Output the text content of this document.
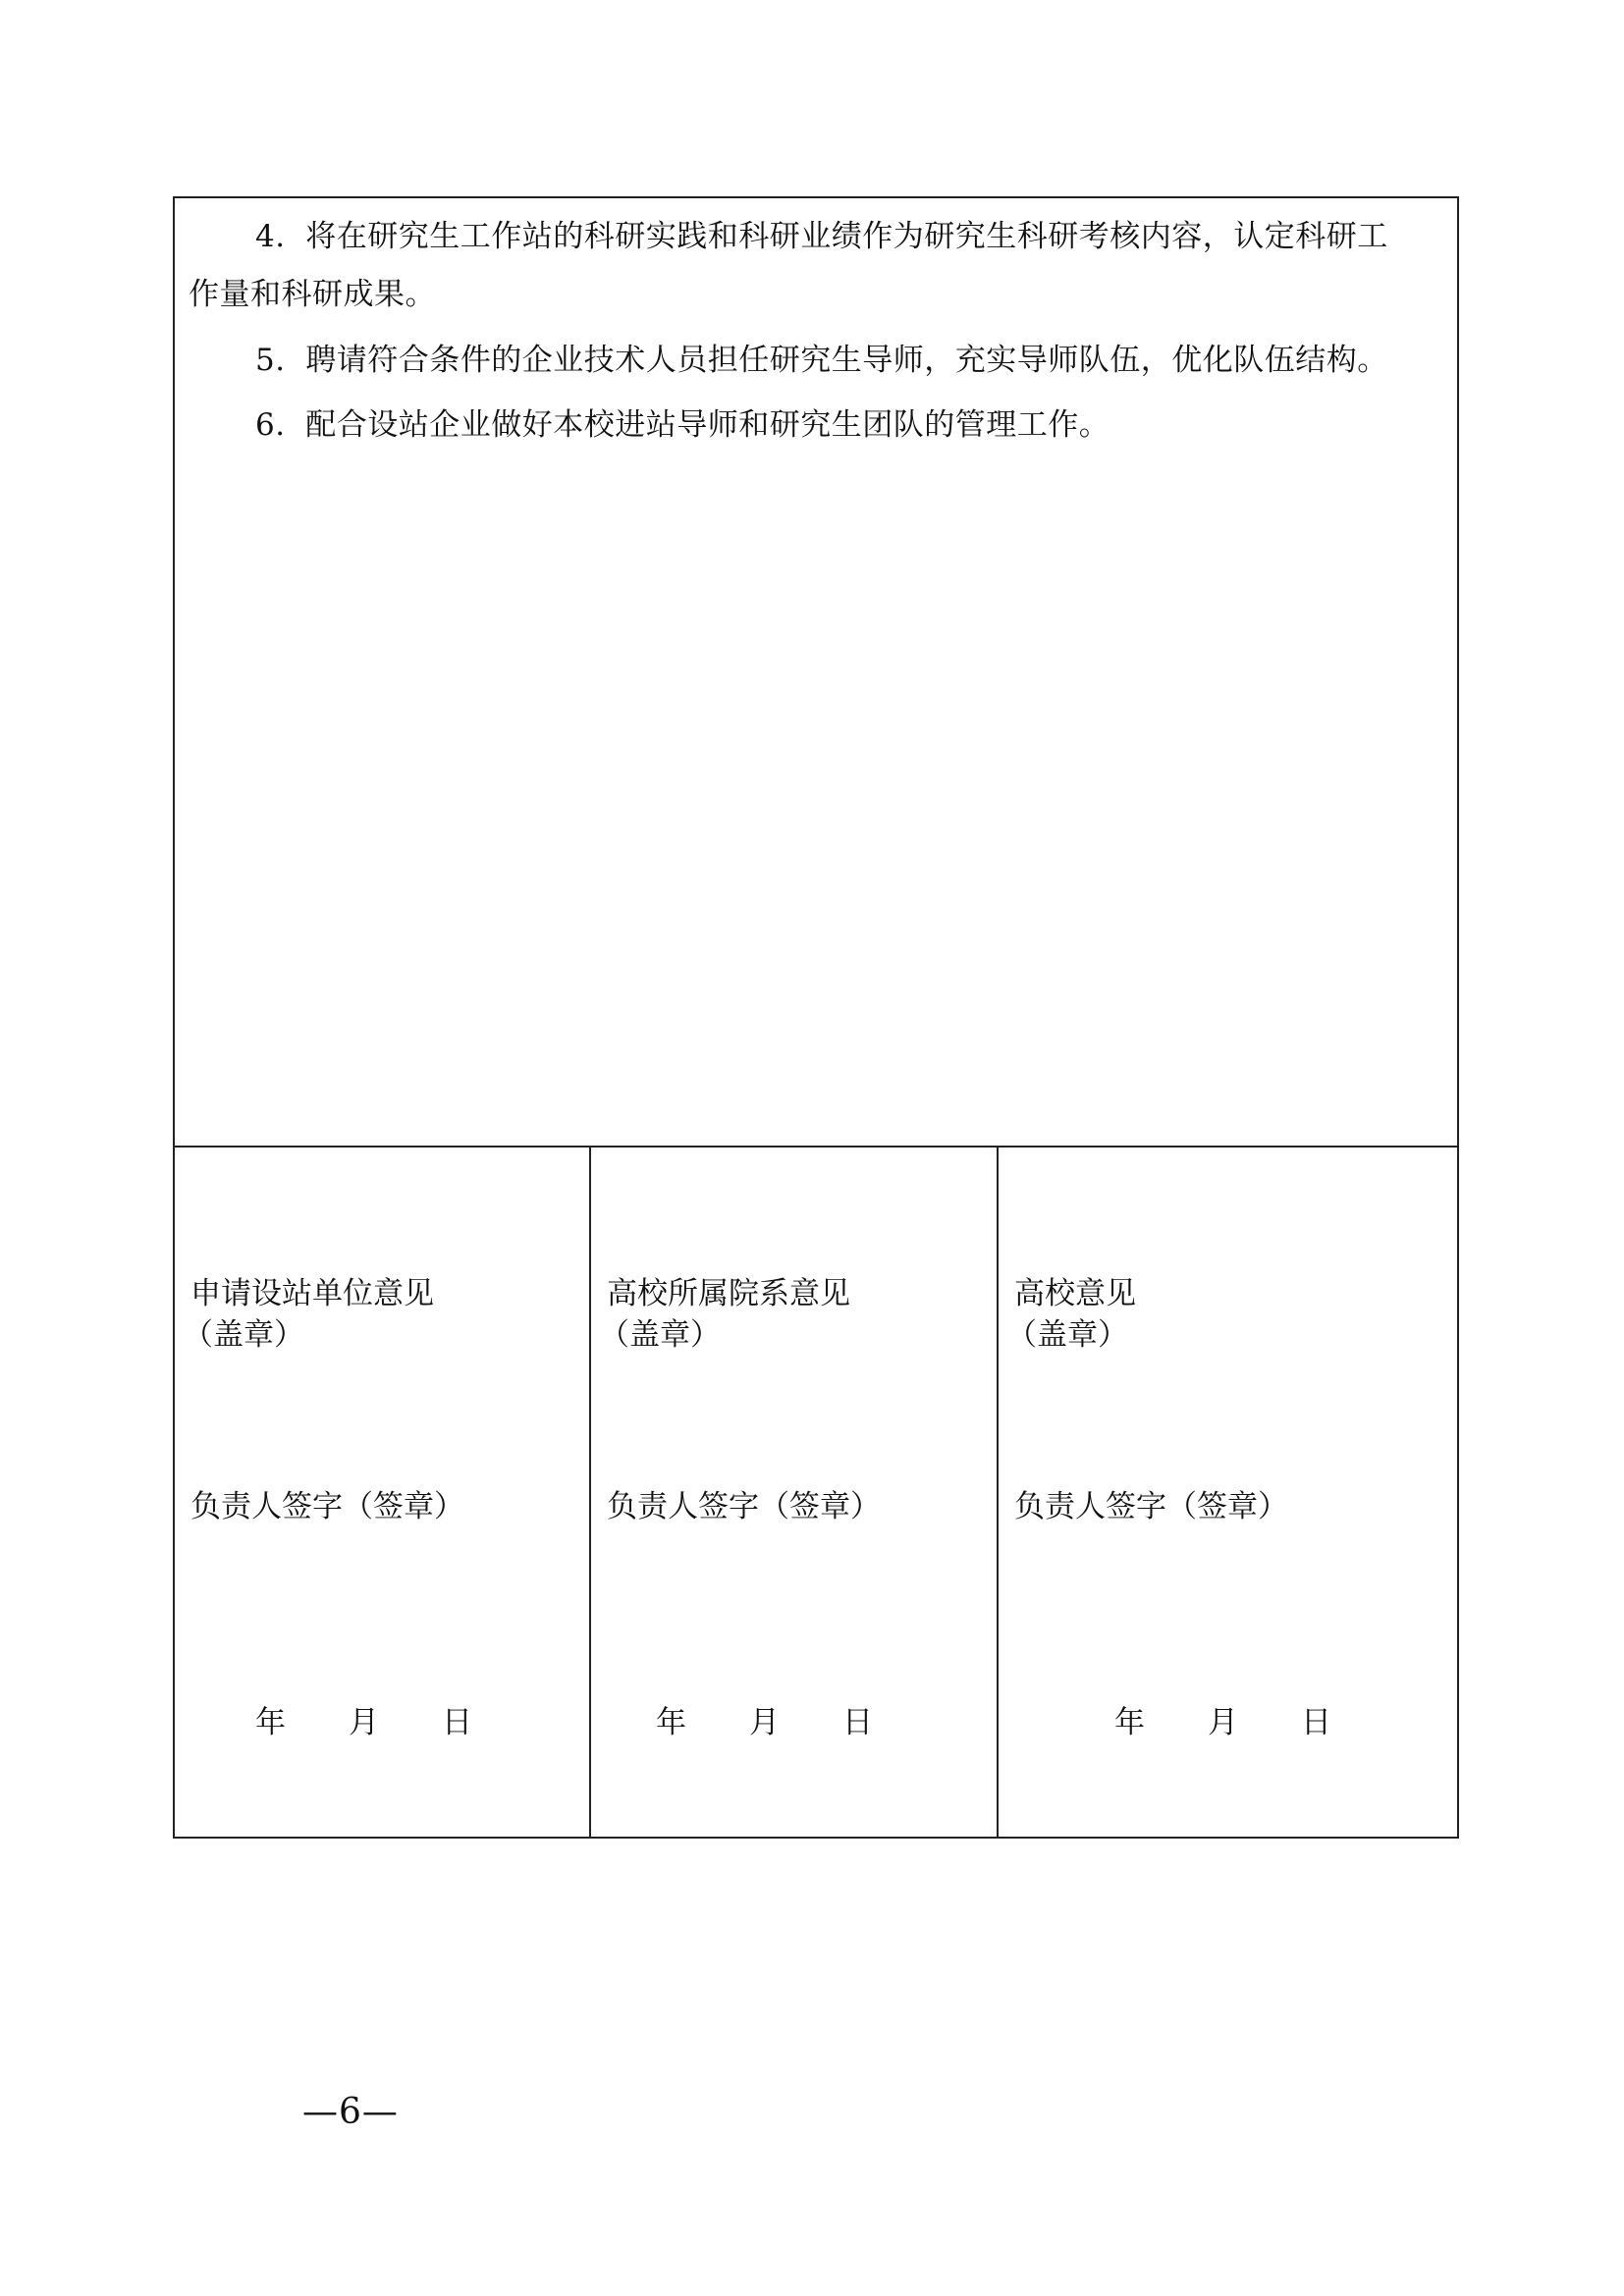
4. 将在研究生工作站的科研实践和科研业绩作为研究生科研考核内容，认定科研工
作量和科研成果。
5. 聘请符合条件的企业技术人员担任研究生导师，充实导师队伍，优化队伍结构。
6. 配合设站企业做好本校进站导师和研究生团队的管理工作。
申请设站单位意见
（盖章）
负责人签字（签章）
年 月 日
高校所属院系意见
（盖章）
负责人签字（签章）
年 月 日
高校意见
（盖章）
负责人签字（签章）
年 月 日
—6—
